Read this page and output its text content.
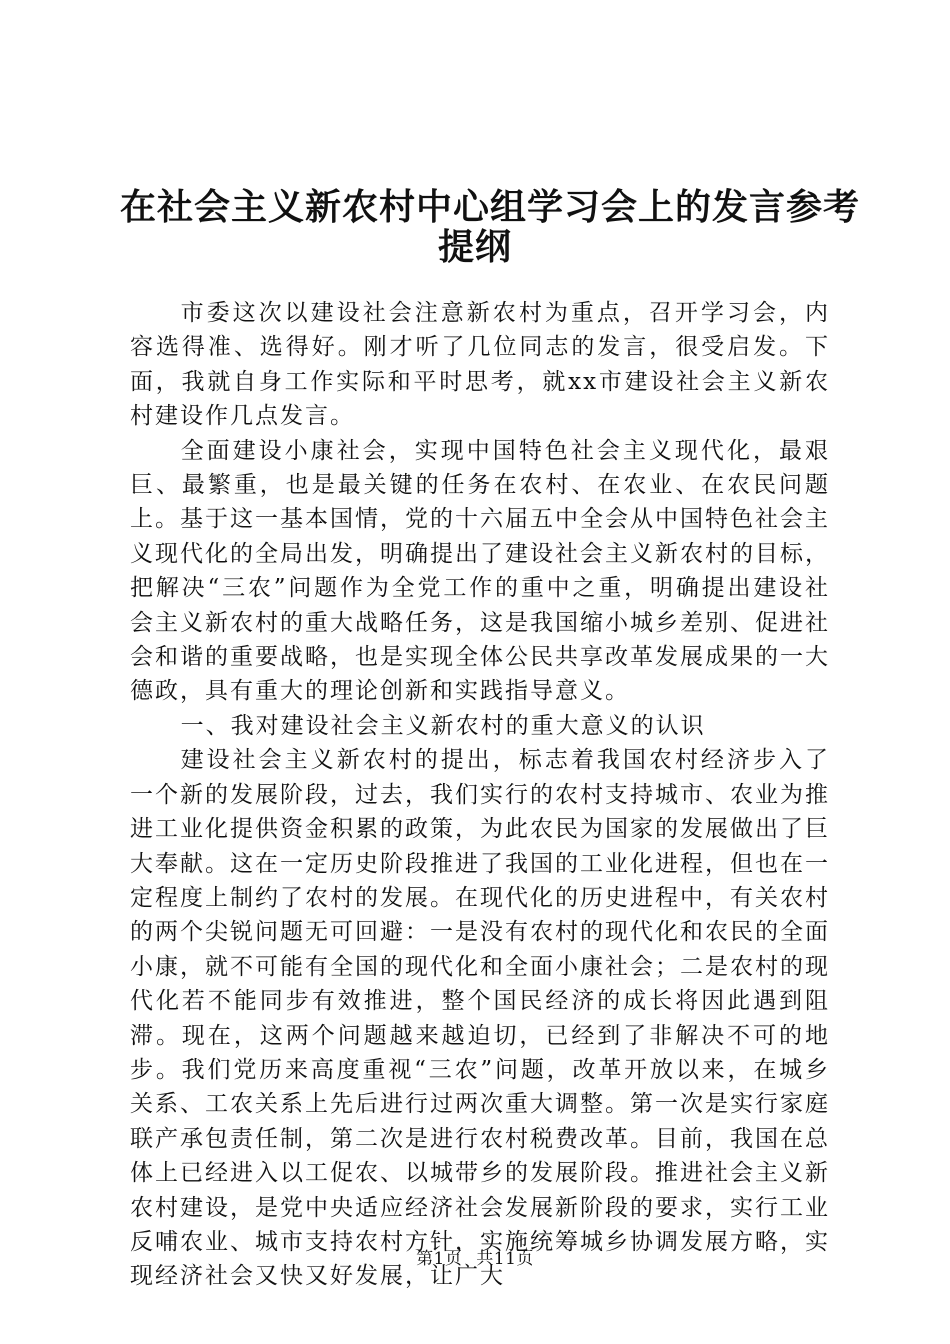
在社会主义新农村中心组学习会上的发言参考
提纲

市委这次以建设社会注意新农村为重点，召开学习会，内容选得准、选得好。刚才听了几位同志的发言，很受启发。下面，我就自身工作实际和平时思考，就xx市建设社会主义新农村建设作几点发言。

全面建设小康社会，实现中国特色社会主义现代化，最艰巨、最繁重，也是最关键的任务在农村、在农业、在农民问题上。基于这一基本国情，党的十六届五中全会从中国特色社会主义现代化的全局出发，明确提出了建设社会主义新农村的目标，把解决“三农”问题作为全党工作的重中之重，明确提出建设社会主义新农村的重大战略任务，这是我国缩小城乡差别、促进社会和谐的重要战略，也是实现全体公民共享改革发展成果的一大德政，具有重大的理论创新和实践指导意义。

一、我对建设社会主义新农村的重大意义的认识

建设社会主义新农村的提出，标志着我国农村经济步入了一个新的发展阶段，过去，我们实行的农村支持城市、农业为推进工业化提供资金积累的政策，为此农民为国家的发展做出了巨大奉献。这在一定历史阶段推进了我国的工业化进程，但也在一定程度上制约了农村的发展。在现代化的历史进程中，有关农村的两个尖锐问题无可回避：一是没有农村的现代化和农民的全面小康，就不可能有全国的现代化和全面小康社会；二是农村的现代化若不能同步有效推进，整个国民经济的成长将因此遇到阻滞。现在，这两个问题越来越迫切，已经到了非解决不可的地步。我们党历来高度重视“三农”问题，改革开放以来，在城乡关系、工农关系上先后进行过两次重大调整。第一次是实行家庭联产承包责任制，第二次是进行农村税费改革。目前，我国在总体上已经进入以工促农、以城带乡的发展阶段。推进社会主义新农村建设，是党中央适应经济社会发展新阶段的要求，实行工业反哺农业、城市支持农村方针，实施统筹城乡协调发展方略，实现经济社会又快又好发展，让广大

第1页 共11页
